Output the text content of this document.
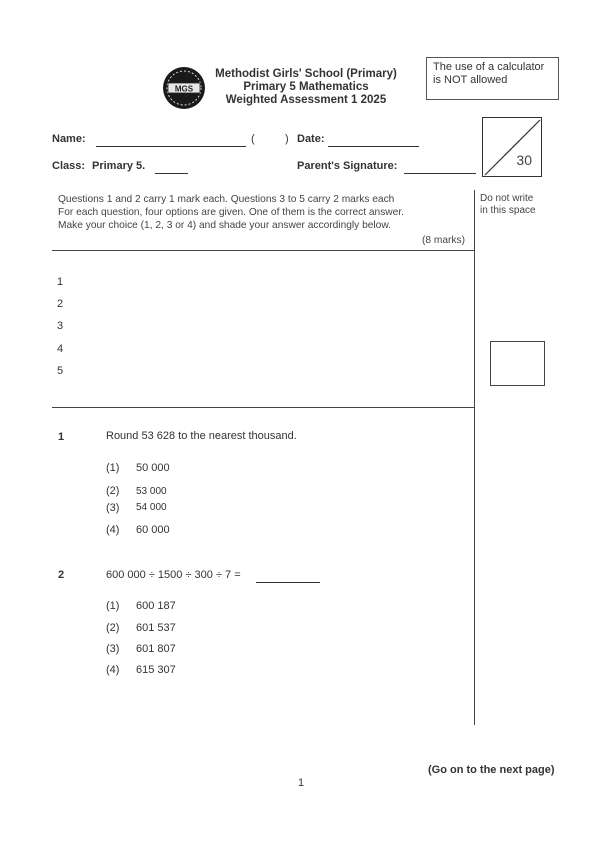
MGS
Methodist Girls' School (Primary)
Primary 5 Mathematics
Weighted Assessment 1 2025
The use of a calculator
is NOT allowed
30
Name:	(	) Date:
Class: Primary 5.	Parent's Signature:
Questions 1 and 2 carry 1 mark each. Questions 3 to 5 carry 2 marks each
For each question, four options are given. One of them is the correct answer.
Make your choice (1, 2, 3 or 4) and shade your answer accordingly below.
(8 marks)
Do not write
in this space
1
2
3
4
5
1	Round 53 628 to the nearest thousand.
(1) 50 000
(2) 53 000
(3) 54 000
(4) 60 000
2	600 000 ÷ 1500 ÷ 300 ÷ 7 =
(1) 600 187
(2) 601 537
(3) 601 807
(4) 615 307
(Go on to the next page)
1
